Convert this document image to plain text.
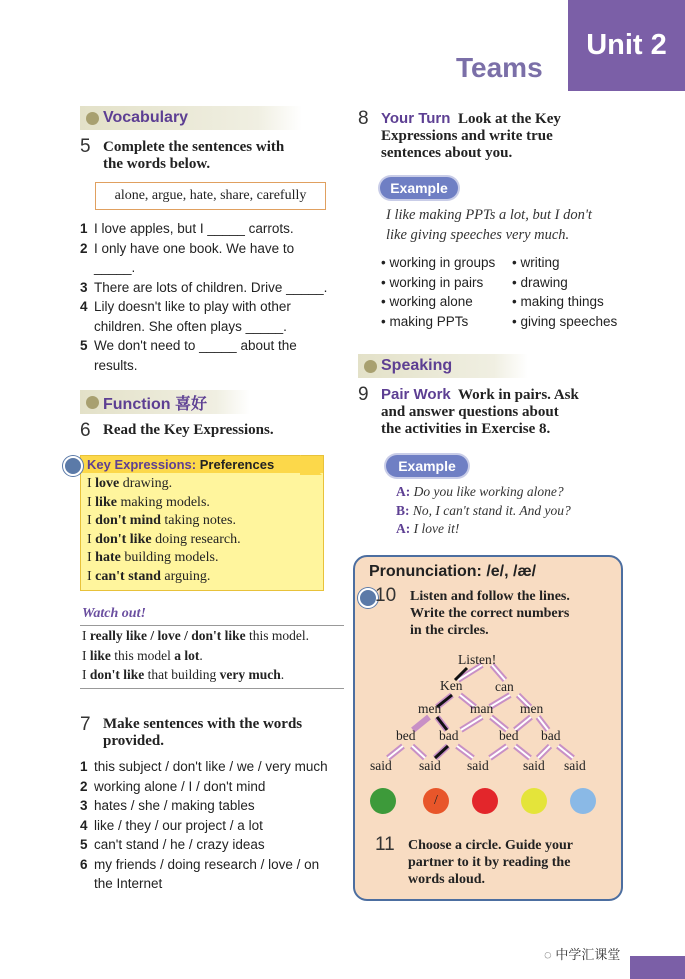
Unit 2
Teams
Vocabulary
5 Complete the sentences with
the words below.
alone, argue, hate, share, carefully
1 I love apples, but I _____ carrots.
2 I only have one book. We have to
_____.
3 There are lots of children. Drive _____.
4 Lily doesn't like to play with other
children. She often plays _____.
5 We don't need to _____ about the
results.
Function 喜好
6 Read the Key Expressions.
Key Expressions: Preferences
I love drawing.
I like making models.
I don't mind taking notes.
I don't like doing research.
I hate building models.
I can't stand arguing.
Watch out!
I really like / love / don't like this model.
I like this model a lot.
I don't like that building very much.
7 Make sentences with the words
provided.
1 this subject / don't like / we / very much
2 working alone / I / don't mind
3 hates / she / making tables
4 like / they / our project / a lot
5 can't stand / he / crazy ideas
6 my friends / doing research / love / on
the Internet
8 Your Turn Look at the Key
Expressions and write true
sentences about you.
Example
I like making PPTs a lot, but I don't
like giving speeches very much.
• working in groups
• working in pairs
• working alone
• making PPTs
• writing
• drawing
• making things
• giving speeches
Speaking
9 Pair Work Work in pairs. Ask
and answer questions about
the activities in Exercise 8.
Example
A: Do you like working alone?
B: No, I can't stand it. And you?
A: I love it!
Pronunciation: /e/, /æ/
10 Listen and follow the lines.
Write the correct numbers
in the circles.
Listen!
Ken can
men man men
bed bad	bed bad
said said said	said said
/
11 Choose a circle. Guide your
partner to it by reading the
words aloud.
◌ 中学汇课堂
